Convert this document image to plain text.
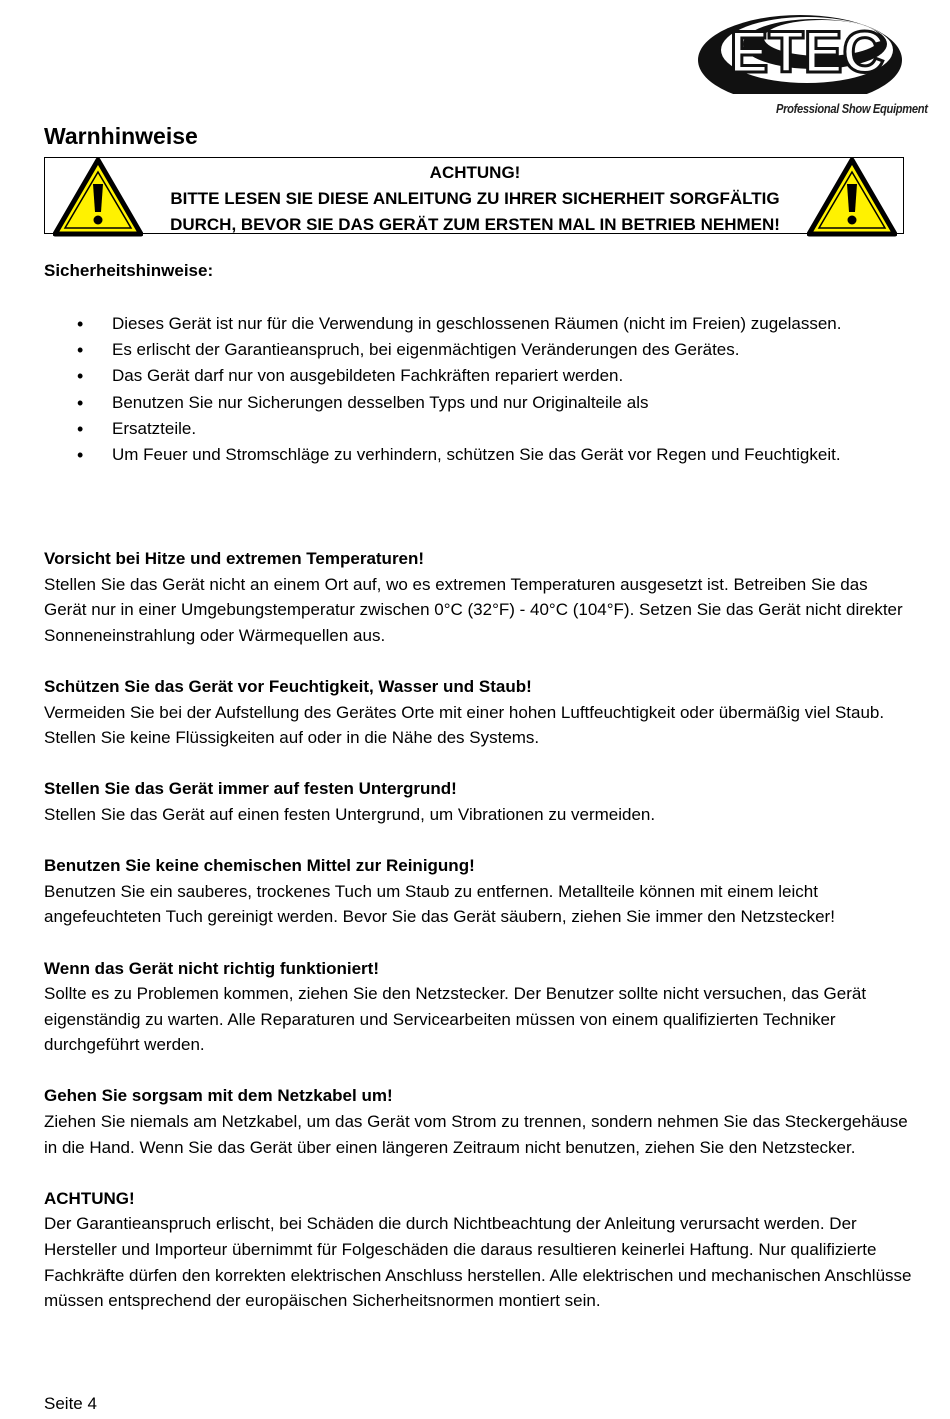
ETEC
Professional Show Equipment
Warnhinweise
ACHTUNG!
BITTE LESEN SIE DIESE ANLEITUNG ZU IHRER SICHERHEIT SORGFÄLTIG
DURCH, BEVOR SIE DAS GERÄT ZUM ERSTEN MAL IN BETRIEB NEHMEN!
Sicherheitshinweise:
• Dieses Gerät ist nur für die Verwendung in geschlossenen Räumen (nicht im Freien) zugelassen.
• Es erlischt der Garantieanspruch, bei eigenmächtigen Veränderungen des Gerätes.
• Das Gerät darf nur von ausgebildeten Fachkräften repariert werden.
• Benutzen Sie nur Sicherungen desselben Typs und nur Originalteile als
• Ersatzteile.
• Um Feuer und Stromschläge zu verhindern, schützen Sie das Gerät vor Regen und Feuchtigkeit.
Vorsicht bei Hitze und extremen Temperaturen!
Stellen Sie das Gerät nicht an einem Ort auf, wo es extremen Temperaturen ausgesetzt ist. Betreiben Sie das Gerät nur in einer Umgebungstemperatur zwischen 0°C (32°F) - 40°C (104°F). Setzen Sie das Gerät nicht direkter Sonneneinstrahlung oder Wärmequellen aus.
Schützen Sie das Gerät vor Feuchtigkeit, Wasser und Staub!
Vermeiden Sie bei der Aufstellung des Gerätes Orte mit einer hohen Luftfeuchtigkeit oder übermäßig viel Staub. Stellen Sie keine Flüssigkeiten auf oder in die Nähe des Systems.
Stellen Sie das Gerät immer auf festen Untergrund!
Stellen Sie das Gerät auf einen festen Untergrund, um Vibrationen zu vermeiden.
Benutzen Sie keine chemischen Mittel zur Reinigung!
Benutzen Sie ein sauberes, trockenes Tuch um Staub zu entfernen. Metallteile können mit einem leicht angefeuchteten Tuch gereinigt werden. Bevor Sie das Gerät säubern, ziehen Sie immer den Netzstecker!
Wenn das Gerät nicht richtig funktioniert!
Sollte es zu Problemen kommen, ziehen Sie den Netzstecker. Der Benutzer sollte nicht versuchen, das Gerät eigenständig zu warten. Alle Reparaturen und Servicearbeiten müssen von einem qualifizierten Techniker durchgeführt werden.
Gehen Sie sorgsam mit dem Netzkabel um!
Ziehen Sie niemals am Netzkabel, um das Gerät vom Strom zu trennen, sondern nehmen Sie das Steckergehäuse in die Hand. Wenn Sie das Gerät über einen längeren Zeitraum nicht benutzen, ziehen Sie den Netzstecker.
ACHTUNG!
Der Garantieanspruch erlischt, bei Schäden die durch Nichtbeachtung der Anleitung verursacht werden. Der Hersteller und Importeur übernimmt für Folgeschäden die daraus resultieren keinerlei Haftung. Nur qualifizierte Fachkräfte dürfen den korrekten elektrischen Anschluss herstellen. Alle elektrischen und mechanischen Anschlüsse müssen entsprechend der europäischen Sicherheitsnormen montiert sein.
Seite 4
